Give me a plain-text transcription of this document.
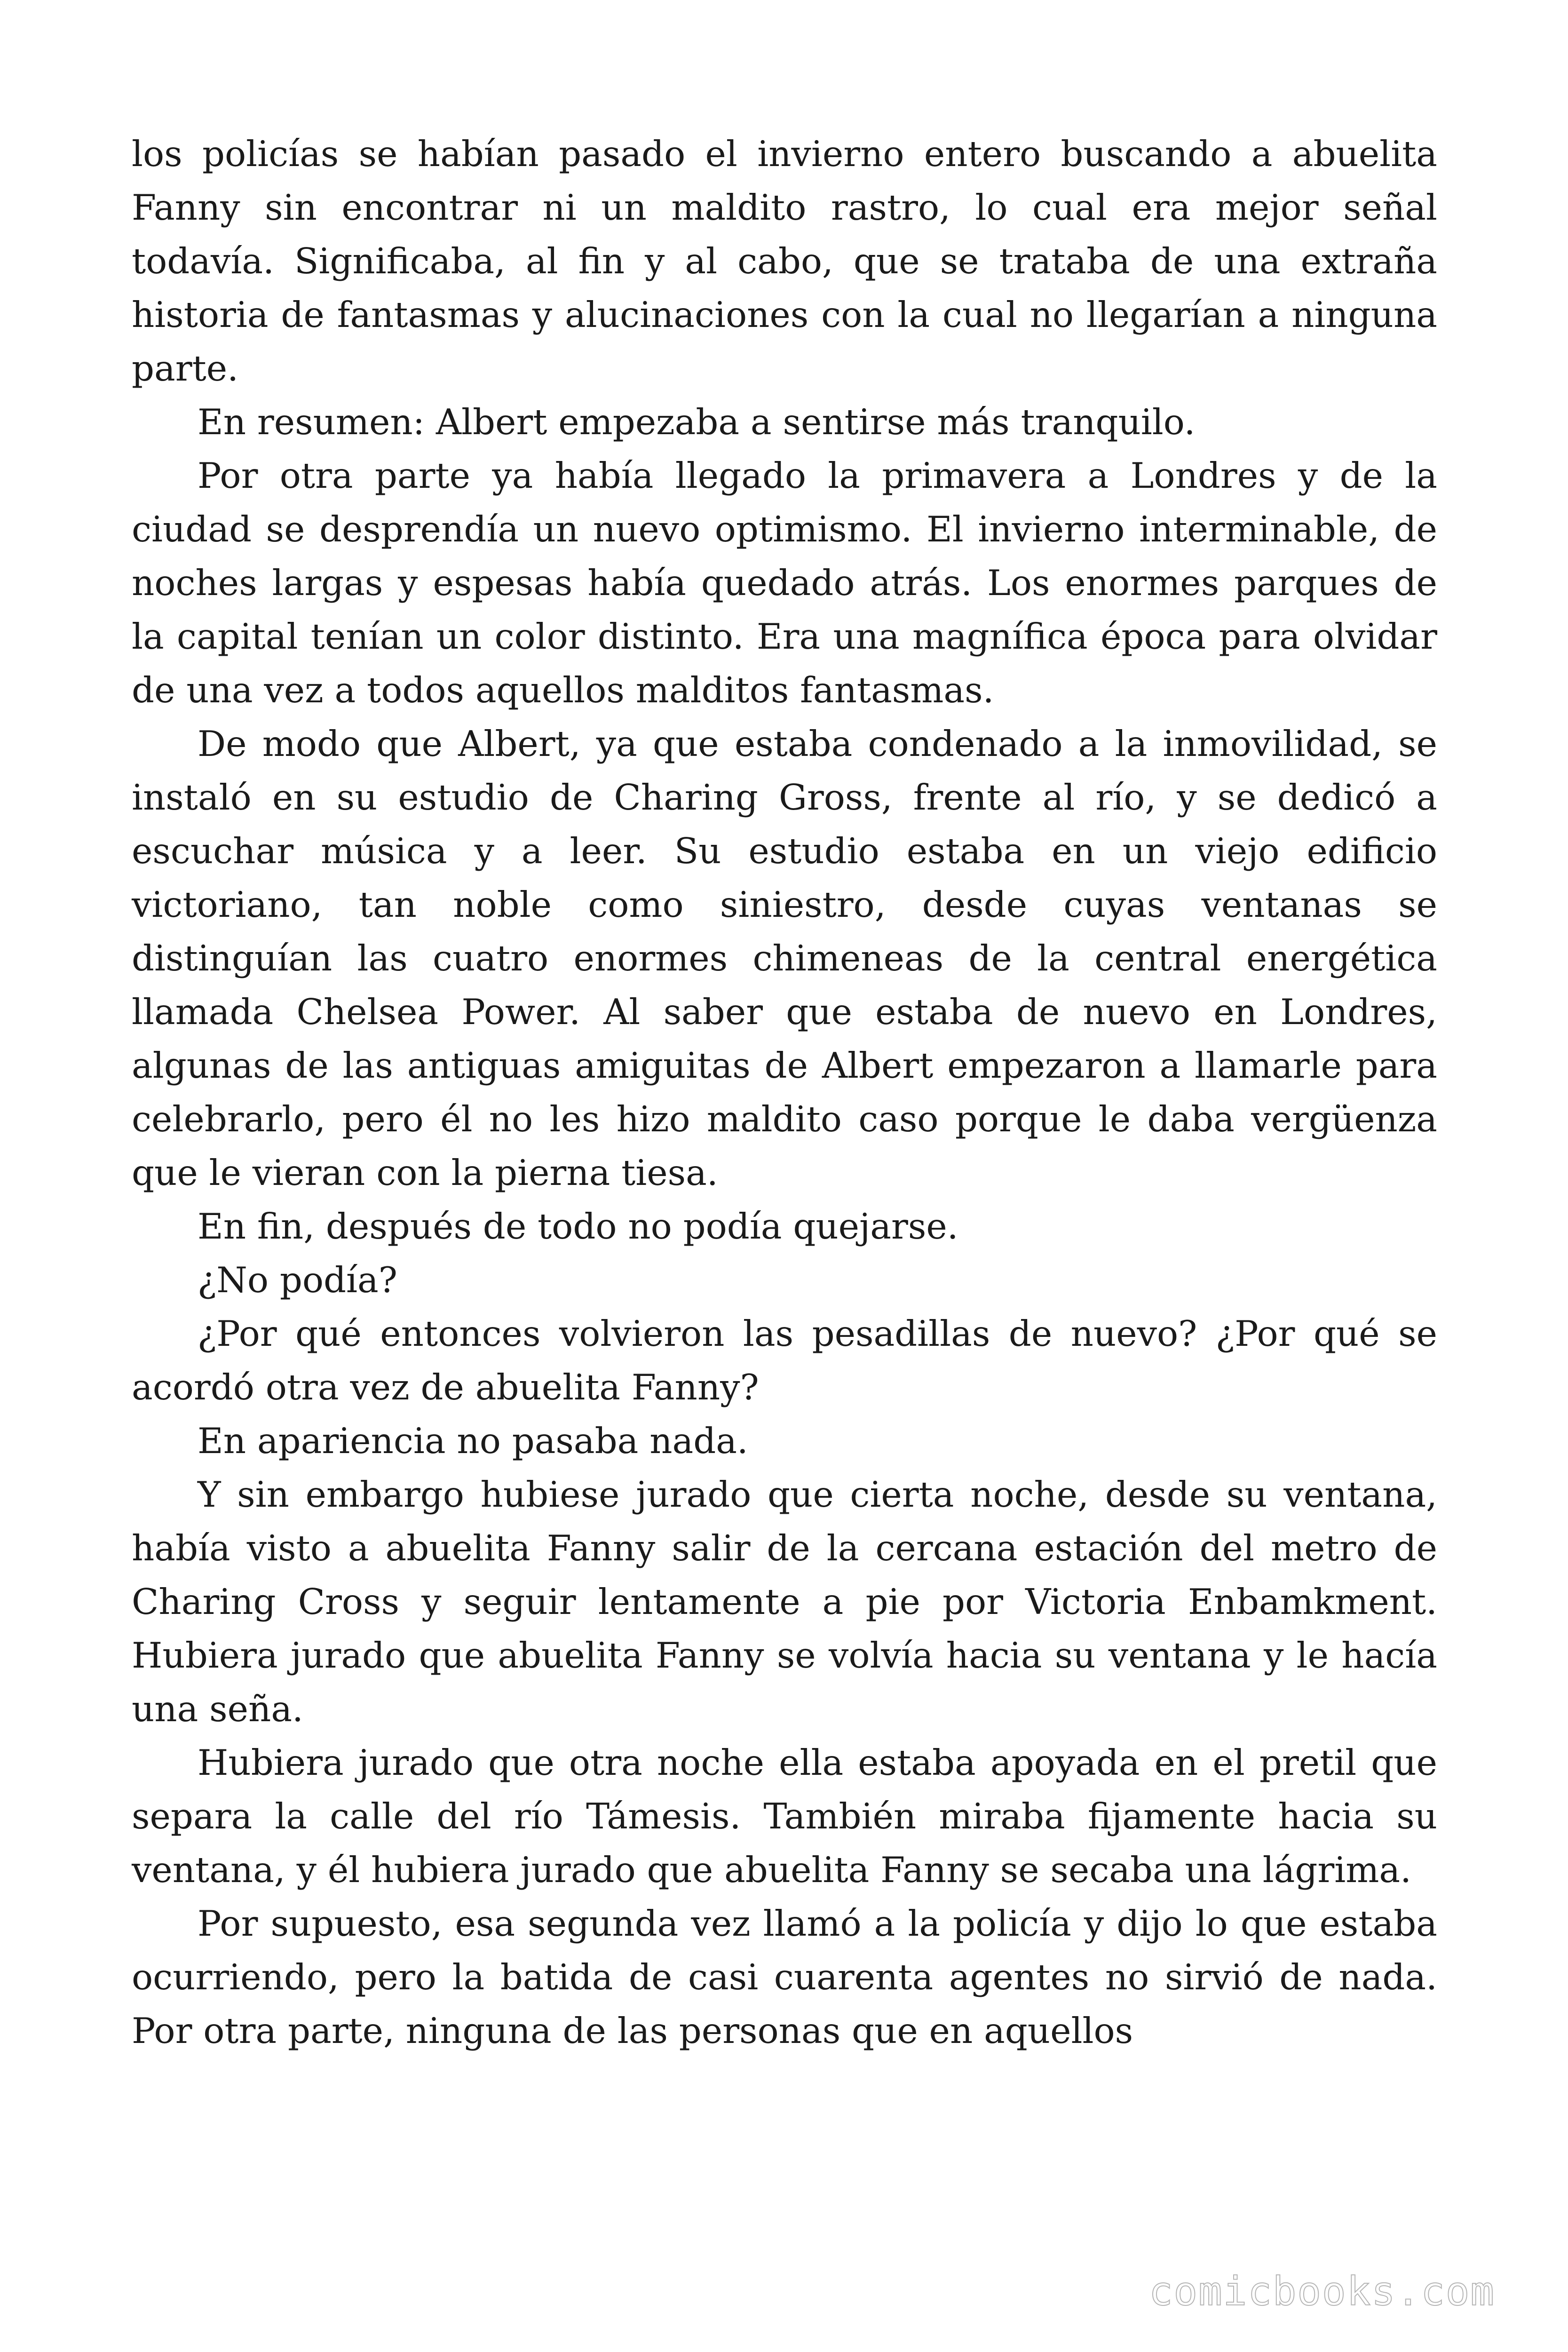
los policías se habían pasado el invierno entero buscando a abuelita Fanny sin encontrar ni un maldito rastro, lo cual era mejor señal todavía. Significaba, al fin y al cabo, que se trataba de una extraña historia de fantasmas y alucinaciones con la cual no llegarían a ninguna parte.

En resumen: Albert empezaba a sentirse más tranquilo.

Por otra parte ya había llegado la primavera a Londres y de la ciudad se desprendía un nuevo optimismo. El invierno interminable, de noches largas y espesas había quedado atrás. Los enormes parques de la capital tenían un color distinto. Era una magnífica época para olvidar de una vez a todos aquellos malditos fantasmas.

De modo que Albert, ya que estaba condenado a la inmovilidad, se instaló en su estudio de Charing Gross, frente al río, y se dedicó a escuchar música y a leer. Su estudio estaba en un viejo edificio victoriano, tan noble como siniestro, desde cuyas ventanas se distinguían las cuatro enormes chimeneas de la central energética llamada Chelsea Power. Al saber que estaba de nuevo en Londres, algunas de las antiguas amiguitas de Albert empezaron a llamarle para celebrarlo, pero él no les hizo maldito caso porque le daba vergüenza que le vieran con la pierna tiesa.

En fin, después de todo no podía quejarse.

¿No podía?

¿Por qué entonces volvieron las pesadillas de nuevo? ¿Por qué se acordó otra vez de abuelita Fanny?

En apariencia no pasaba nada.

Y sin embargo hubiese jurado que cierta noche, desde su ventana, había visto a abuelita Fanny salir de la cercana estación del metro de Charing Cross y seguir lentamente a pie por Victoria Enbamkment. Hubiera jurado que abuelita Fanny se volvía hacia su ventana y le hacía una seña.

Hubiera jurado que otra noche ella estaba apoyada en el pretil que separa la calle del río Támesis. También miraba fijamente hacia su ventana, y él hubiera jurado que abuelita Fanny se secaba una lágrima.

Por supuesto, esa segunda vez llamó a la policía y dijo lo que estaba ocurriendo, pero la batida de casi cuarenta agentes no sirvió de nada. Por otra parte, ninguna de las personas que en aquellos

comicbooks.com
